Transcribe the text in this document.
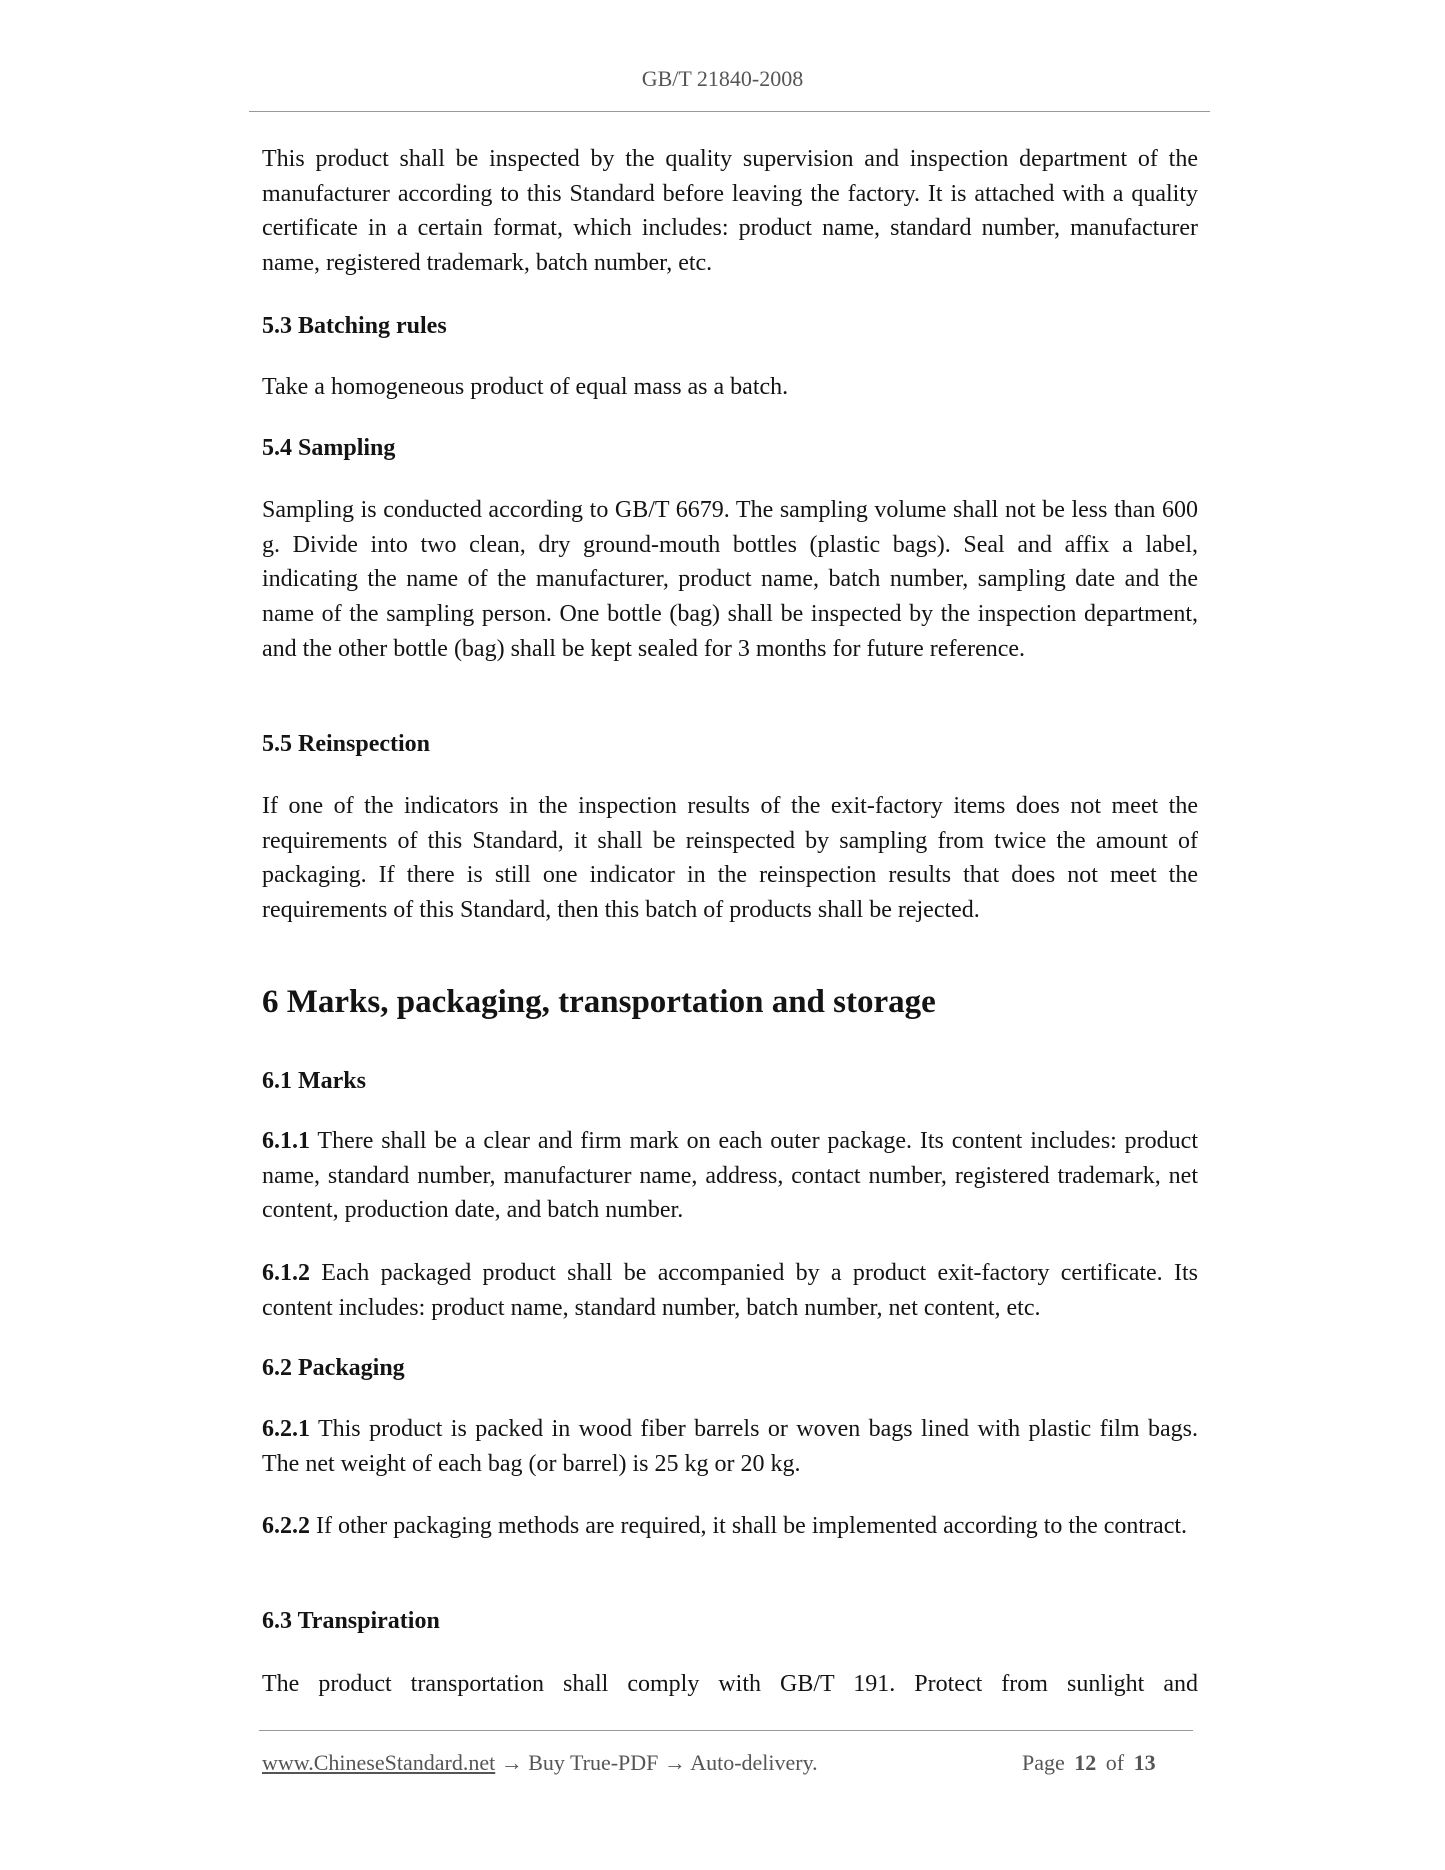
GB/T 21840-2008
This product shall be inspected by the quality supervision and inspection department of the manufacturer according to this Standard before leaving the factory. It is attached with a quality certificate in a certain format, which includes: product name, standard number, manufacturer name, registered trademark, batch number, etc.
5.3 Batching rules
Take a homogeneous product of equal mass as a batch.
5.4 Sampling
Sampling is conducted according to GB/T 6679. The sampling volume shall not be less than 600 g. Divide into two clean, dry ground-mouth bottles (plastic bags). Seal and affix a label, indicating the name of the manufacturer, product name, batch number, sampling date and the name of the sampling person. One bottle (bag) shall be inspected by the inspection department, and the other bottle (bag) shall be kept sealed for 3 months for future reference.
5.5 Reinspection
If one of the indicators in the inspection results of the exit-factory items does not meet the requirements of this Standard, it shall be reinspected by sampling from twice the amount of packaging. If there is still one indicator in the reinspection results that does not meet the requirements of this Standard, then this batch of products shall be rejected.
6 Marks, packaging, transportation and storage
6.1 Marks
6.1.1 There shall be a clear and firm mark on each outer package. Its content includes: product name, standard number, manufacturer name, address, contact number, registered trademark, net content, production date, and batch number.
6.1.2 Each packaged product shall be accompanied by a product exit-factory certificate. Its content includes: product name, standard number, batch number, net content, etc.
6.2 Packaging
6.2.1 This product is packed in wood fiber barrels or woven bags lined with plastic film bags. The net weight of each bag (or barrel) is 25 kg or 20 kg.
6.2.2 If other packaging methods are required, it shall be implemented according to the contract.
6.3 Transpiration
The product transportation shall comply with GB/T 191. Protect from sunlight and
www.ChineseStandard.net → Buy True-PDF → Auto-delivery.	Page 12 of 13
